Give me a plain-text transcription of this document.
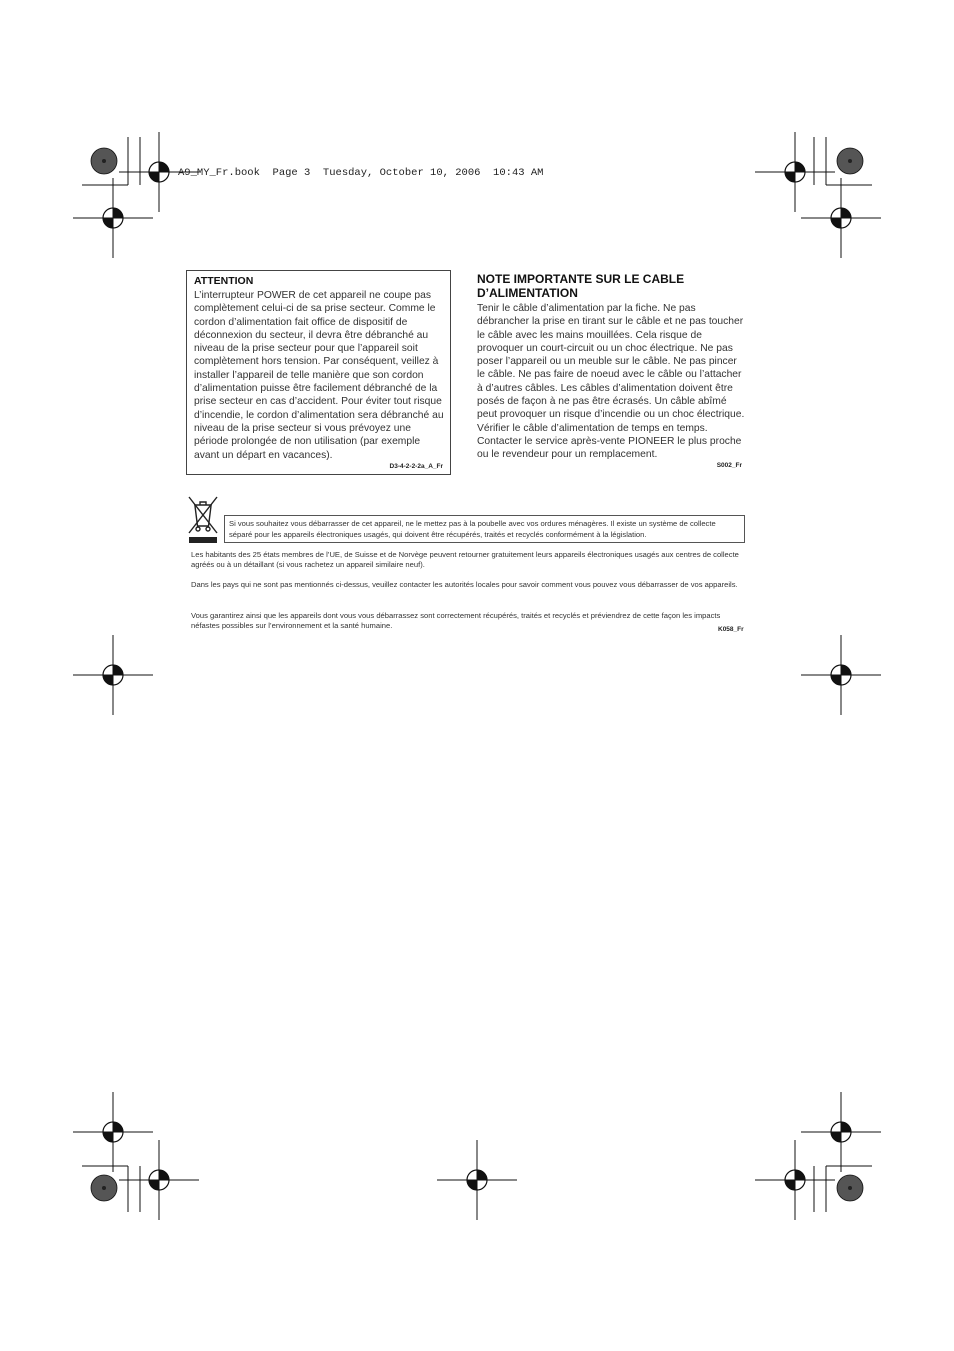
A9_MY_Fr.book  Page 3  Tuesday, October 10, 2006  10:43 AM

ATTENTION

L’interrupteur POWER de cet appareil ne coupe pas complètement celui-ci de sa prise secteur. Comme le cordon d’alimentation fait office de dispositif de déconnexion du secteur, il devra être débranché au niveau de la prise secteur pour que l’appareil soit complètement hors tension. Par conséquent, veillez à installer l’appareil de telle manière que son cordon d’alimentation puisse être facilement débranché de la prise secteur en cas d’accident. Pour éviter tout risque d’incendie, le cordon d’alimentation sera débranché au niveau de la prise secteur si vous prévoyez une période prolongée de non utilisation (par exemple avant un départ en vacances).

D3-4-2-2-2a_A_Fr

NOTE IMPORTANTE SUR LE CABLE D’ALIMENTATION

Tenir le câble d’alimentation par la fiche. Ne pas débrancher la prise en tirant sur le câble et ne pas toucher le câble avec les mains mouillées. Cela risque de provoquer un court-circuit ou un choc électrique. Ne pas poser l’appareil ou un meuble sur le câble. Ne pas pincer le câble. Ne pas faire de noeud avec le câble ou l’attacher à d’autres câbles. Les câbles d’alimentation doivent être posés de façon à ne pas être écrasés. Un câble abîmé peut provoquer un risque d’incendie ou un choc électrique. Vérifier le câble d’alimentation de temps en temps. Contacter le service après-vente PIONEER le plus proche ou le revendeur pour un remplacement.

S002_Fr
Si vous souhaitez vous débarrasser de cet appareil, ne le mettez pas à la poubelle avec vos ordures ménagères. Il existe un système de collecte séparé pour les appareils électroniques usagés, qui doivent être récupérés, traités et recyclés conformément à la législation.

Les habitants des 25 états membres de l’UE, de Suisse et de Norvège peuvent retourner gratuitement leurs appareils électroniques usagés aux centres de collecte agréés ou à un détaillant (si vous rachetez un appareil similaire neuf).

Dans les pays qui ne sont pas mentionnés ci-dessus, veuillez contacter les autorités locales pour savoir comment vous pouvez vous débarrasser de vos appareils.

Vous garantirez ainsi que les appareils dont vous vous débarrassez sont correctement récupérés, traités et recyclés et préviendrez de cette façon les impacts néfastes possibles sur l’environnement et la santé humaine.	K058_Fr
